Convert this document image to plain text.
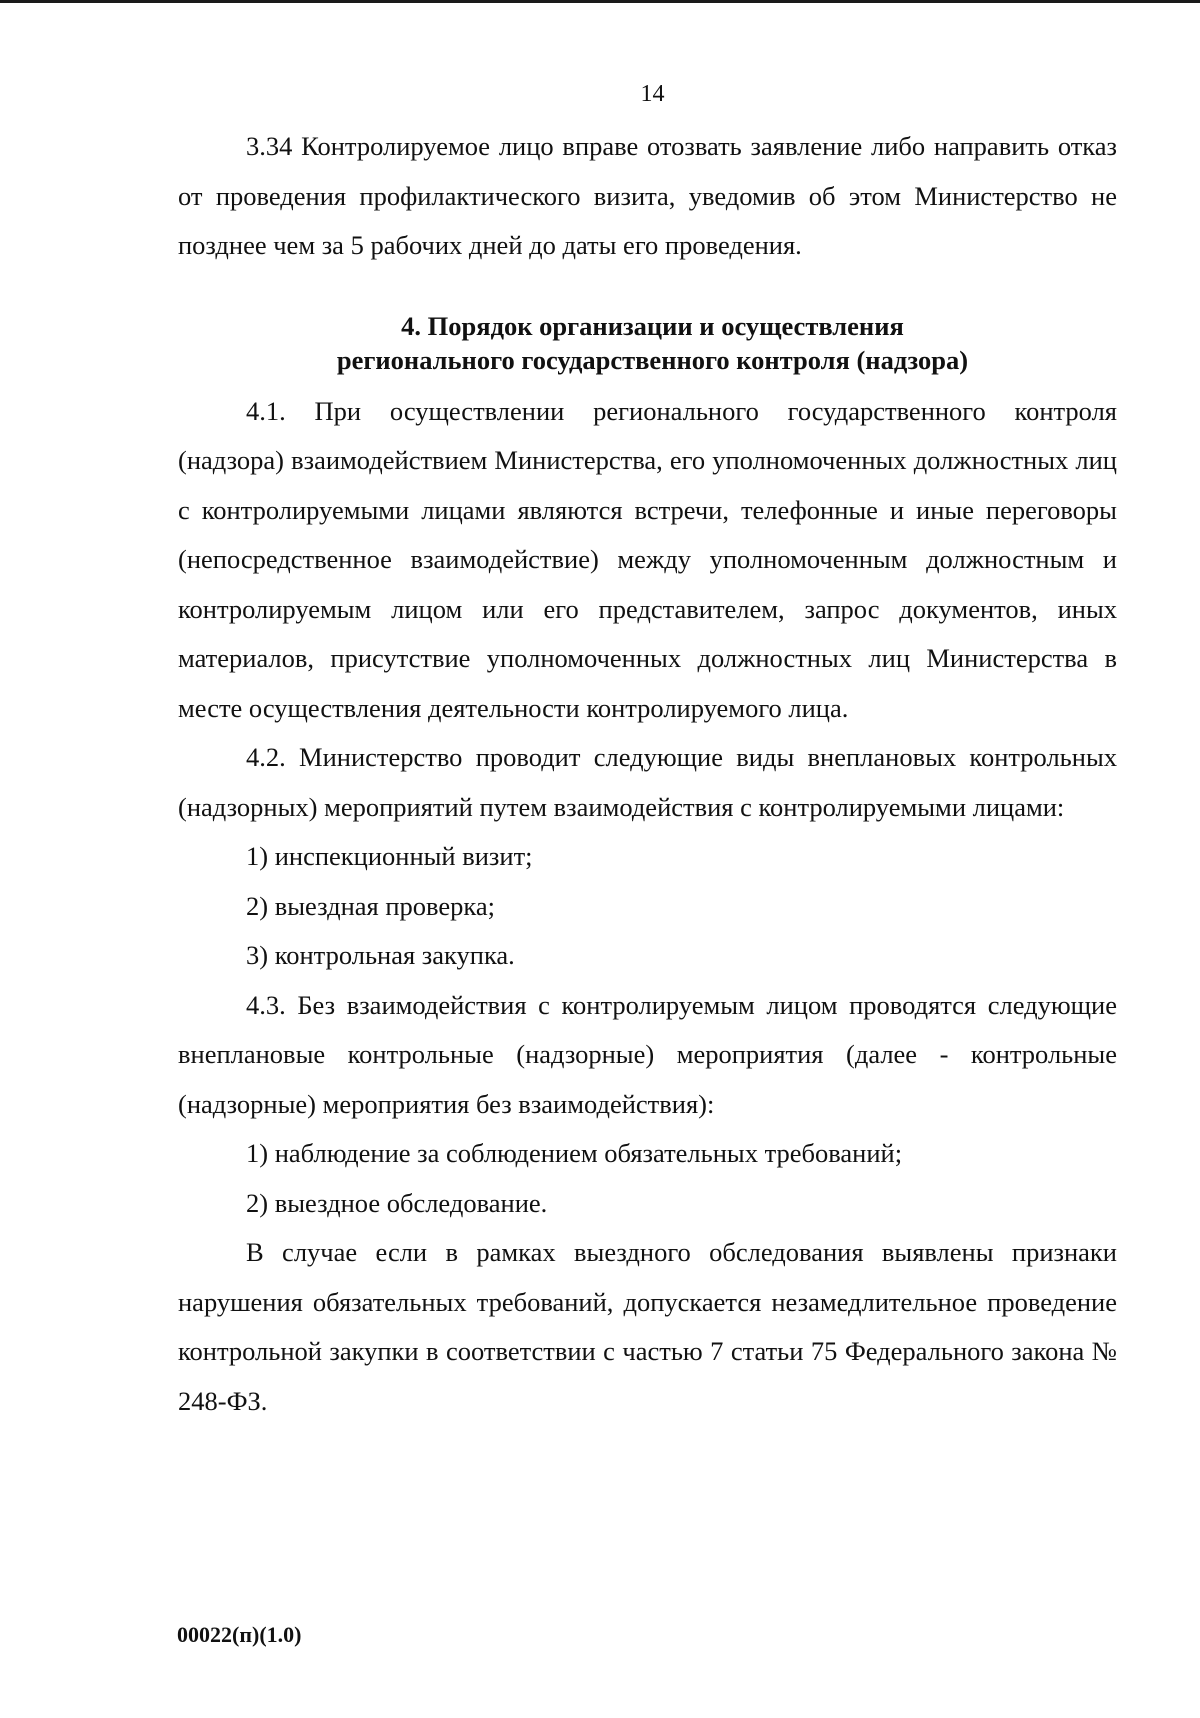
14

3.34 Контролируемое лицо вправе отозвать заявление либо направить отказ от проведения профилактического визита, уведомив об этом Министерство не позднее чем за 5 рабочих дней до даты его проведения.

4. Порядок организации и осуществления
регионального государственного контроля (надзора)

4.1. При осуществлении регионального государственного контроля (надзора) взаимодействием Министерства, его уполномоченных должностных лиц с контролируемыми лицами являются встречи, телефонные и иные переговоры (непосредственное взаимодействие) между уполномоченным должностным и контролируемым лицом или его представителем, запрос документов, иных материалов, присутствие уполномоченных должностных лиц Министерства в месте осуществления деятельности контролируемого лица.

4.2. Министерство проводит следующие виды внеплановых контрольных (надзорных) мероприятий путем взаимодействия с контролируемыми лицами:

1) инспекционный визит;

2) выездная проверка;

3) контрольная закупка.

4.3. Без взаимодействия с контролируемым лицом проводятся следующие внеплановые контрольные (надзорные) мероприятия (далее - контрольные (надзорные) мероприятия без взаимодействия):

1) наблюдение за соблюдением обязательных требований;

2) выездное обследование.

В случае если в рамках выездного обследования выявлены признаки нарушения обязательных требований, допускается незамедлительное проведение контрольной закупки в соответствии с частью 7 статьи 75 Федерального закона № 248-ФЗ.

00022(п)(1.0)
